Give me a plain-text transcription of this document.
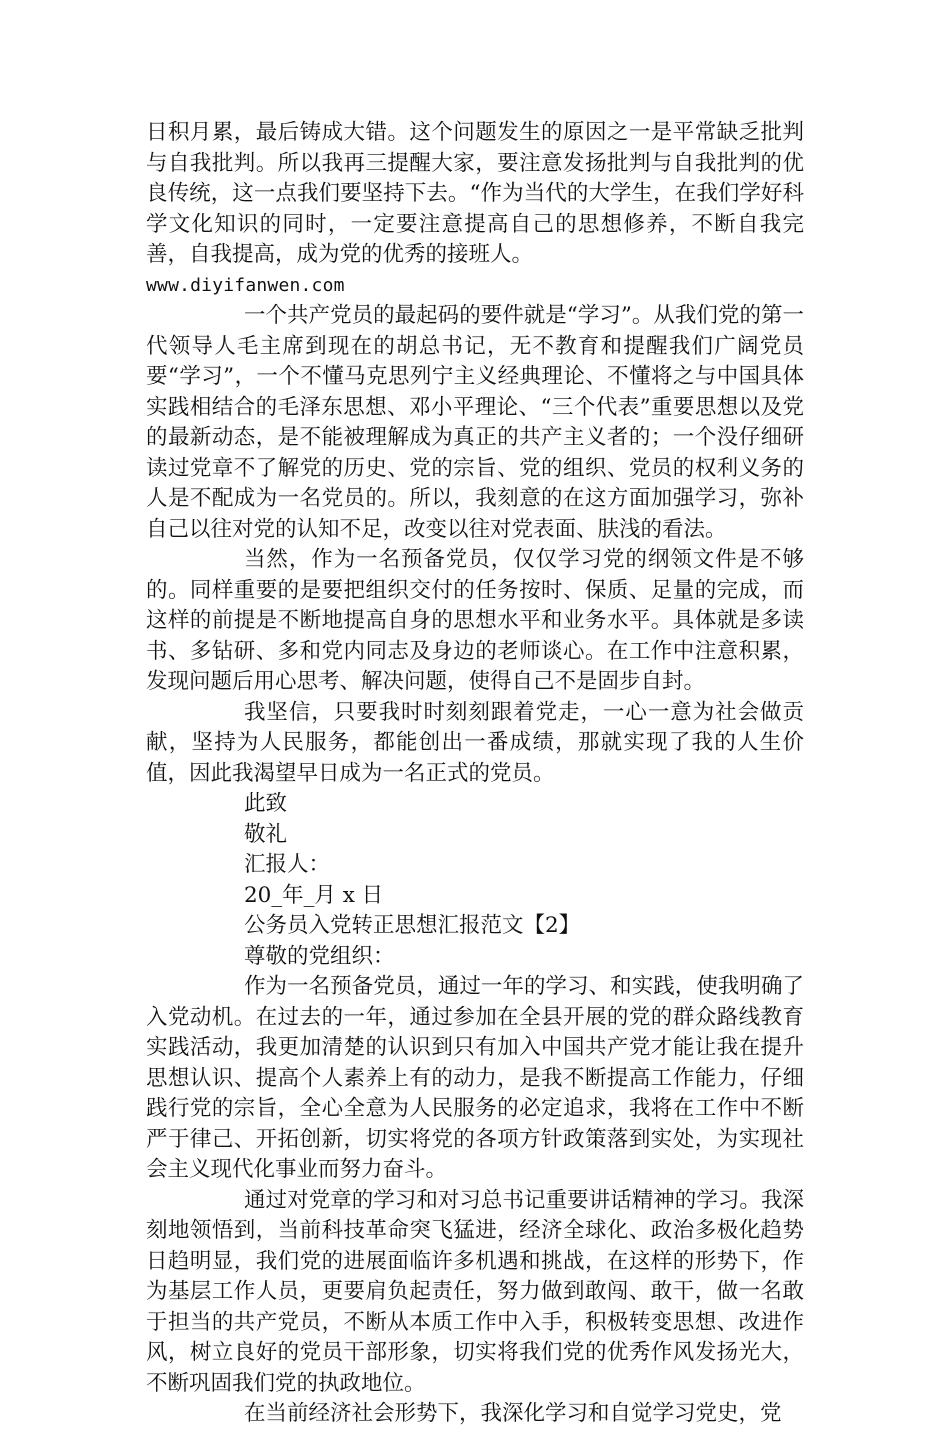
日积月累，最后铸成大错。这个问题发生的原因之一是平常缺乏批判与自我批判。所以我再三提醒大家，要注意发扬批判与自我批判的优良传统，这一点我们要坚持下去。“作为当代的大学生，在我们学好科学文化知识的同时，一定要注意提高自己的思想修养，不断自我完善，自我提高，成为党的优秀的接班人。

www.diyifanwen.com

一个共产党员的最起码的要件就是“学习”。从我们党的第一代领导人毛主席到现在的胡总书记，无不教育和提醒我们广阔党员要“学习”，一个不懂马克思列宁主义经典理论、不懂将之与中国具体实践相结合的毛泽东思想、邓小平理论、“三个代表”重要思想以及党的最新动态，是不能被理解成为真正的共产主义者的；一个没仔细研读过党章不了解党的历史、党的宗旨、党的组织、党员的权利义务的人是不配成为一名党员的。所以，我刻意的在这方面加强学习，弥补自己以往对党的认知不足，改变以往对党表面、肤浅的看法。

当然，作为一名预备党员，仅仅学习党的纲领文件是不够的。同样重要的是要把组织交付的任务按时、保质、足量的完成，而这样的前提是不断地提高自身的思想水平和业务水平。具体就是多读书、多钻研、多和党内同志及身边的老师谈心。在工作中注意积累，发现问题后用心思考、解决问题，使得自己不是固步自封。

我坚信，只要我时时刻刻跟着党走，一心一意为社会做贡献，坚持为人民服务，都能创出一番成绩，那就实现了我的人生价值，因此我渴望早日成为一名正式的党员。

此致

敬礼

汇报人：

20_年_月 x 日

公务员入党转正思想汇报范文【2】

尊敬的党组织：

作为一名预备党员，通过一年的学习、和实践，使我明确了入党动机。在过去的一年，通过参加在全县开展的党的群众路线教育实践活动，我更加清楚的认识到只有加入中国共产党才能让我在提升思想认识、提高个人素养上有的动力，是我不断提高工作能力，仔细践行党的宗旨，全心全意为人民服务的必定追求，我将在工作中不断严于律己、开拓创新，切实将党的各项方针政策落到实处，为实现社会主义现代化事业而努力奋斗。

通过对党章的学习和对习总书记重要讲话精神的学习。我深刻地领悟到，当前科技革命突飞猛进，经济全球化、政治多极化趋势日趋明显，我们党的进展面临许多机遇和挑战，在这样的形势下，作为基层工作人员，更要肩负起责任，努力做到敢闯、敢干，做一名敢于担当的共产党员，不断从本质工作中入手，积极转变思想、改进作风，树立良好的党员干部形象，切实将我们党的优秀作风发扬光大，不断巩固我们党的执政地位。

在当前经济社会形势下，我深化学习和自觉学习党史，党
